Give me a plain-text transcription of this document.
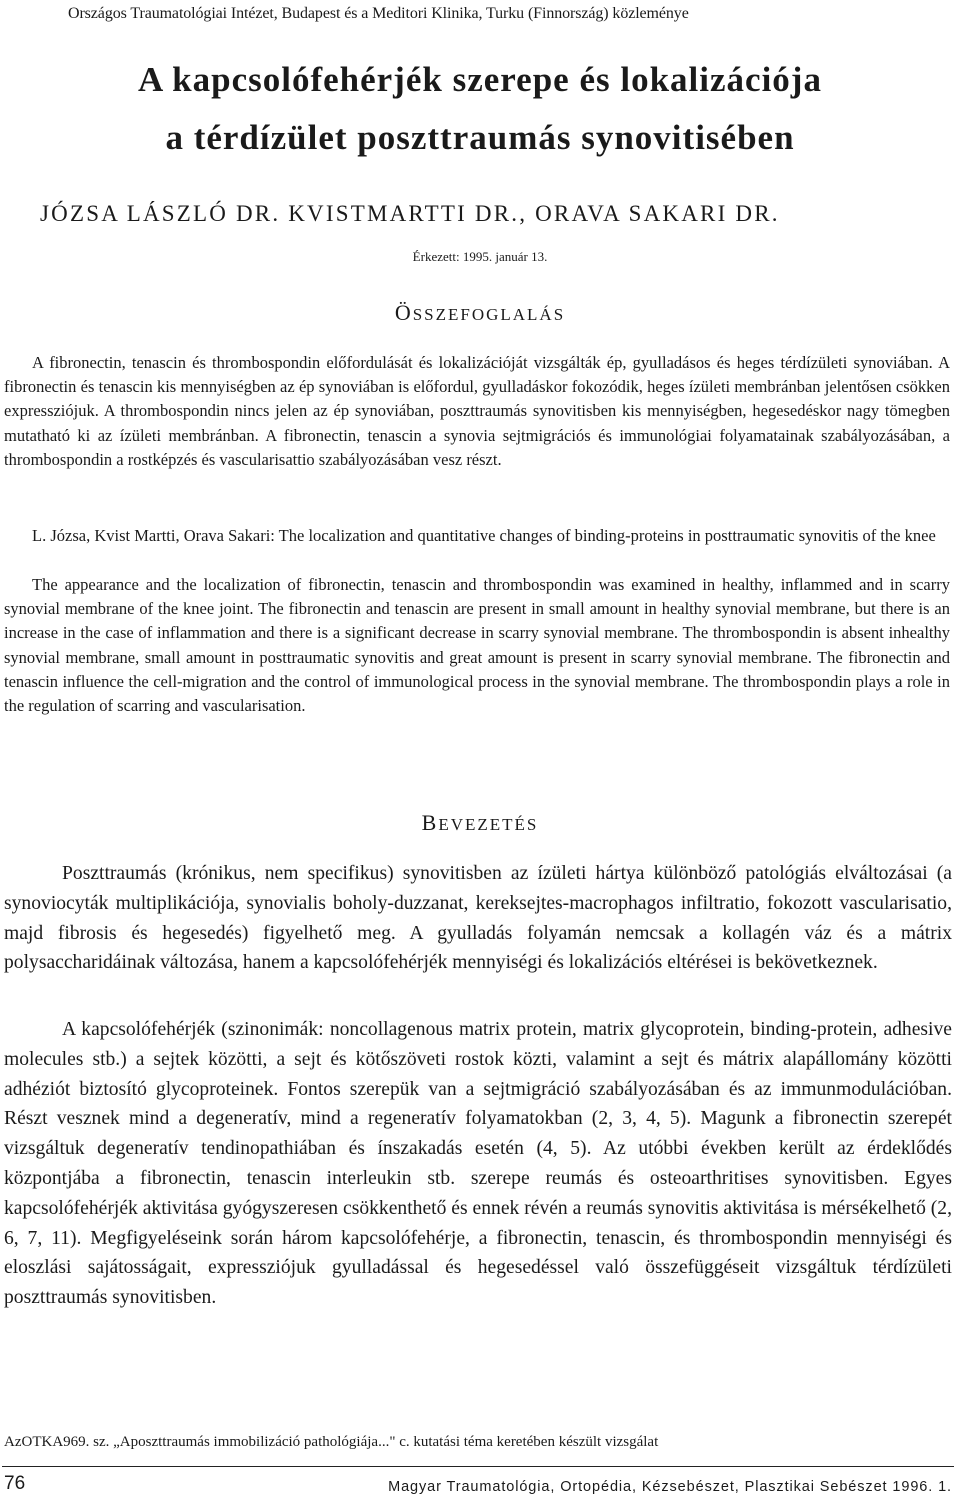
Országos Traumatológiai Intézet, Budapest és a Meditori Klinika, Turku (Finnország) közleménye

A kapcsolófehérjék szerepe és lokalizációja
a térdízület poszttraumás synovitisében

JÓZSA LÁSZLÓ DR. KVISTMARTTI DR., ORAVA SAKARI DR.

Érkezett: 1995. január 13.

ÖSSZEFOGLALÁS

A fibronectin, tenascin és thrombospondin előfordulását és lokalizációját vizsgálták ép, gyulladásos és heges térdízületi synoviában. A fibronectin és tenascin kis mennyiségben az ép synoviában is előfordul, gyulladáskor fokozódik, heges ízületi membránban jelentősen csökken expressziójuk. A thrombospondin nincs jelen az ép synoviában, poszttraumás synovitisben kis mennyiségben, hegesedéskor nagy tömegben mutatható ki az ízületi membránban. A fibronectin, tenascin a synovia sejtmigrációs és immunológiai folyamatainak szabályozásában, a thrombospondin a rostképzés és vascularisattio szabályozásában vesz részt.

L. Józsa, Kvist Martti, Orava Sakari: The localization and quantitative changes of binding-proteins in posttraumatic synovitis of the knee

The appearance and the localization of fibronectin, tenascin and thrombospondin was examined in healthy, inflammed and in scarry synovial membrane of the knee joint. The fibronectin and tenascin are present in small amount in healthy synovial membrane, but there is an increase in the case of inflammation and there is a significant decrease in scarry synovial membrane. The thrombospondin is absent inhealthy synovial membrane, small amount in posttraumatic synovitis and great amount is present in scarry synovial membrane. The fibronectin and tenascin influence the cell-migration and the control of immunological process in the synovial membrane. The thrombospondin plays a role in the regulation of scarring and vascularisation.

BEVEZETÉS

Poszttraumás (krónikus, nem specifikus) synovitisben az ízületi hártya különböző patológiás elváltozásai (a synoviocyták multiplikációja, synovialis boholy-duzzanat, kereksejtes-macrophagos infiltratio, fokozott vascularisatio, majd fibrosis és hegesedés) figyelhető meg. A gyulladás folyamán nemcsak a kollagén váz és a mátrix polysaccharidáinak változása, hanem a kapcsolófehérjék mennyiségi és lokalizációs eltérései is bekövetkeznek.

A kapcsolófehérjék (szinonimák: noncollagenous matrix protein, matrix glycoprotein, binding-protein, adhesive molecules stb.) a sejtek közötti, a sejt és kötőszöveti rostok közti, valamint a sejt és mátrix alapállomány közötti adhéziót biztosító glycoproteinek. Fontos szerepük van a sejtmigráció szabályozásában és az immunmodulációban. Részt vesznek mind a degeneratív, mind a regeneratív folyamatokban (2, 3, 4, 5). Magunk a fibronectin szerepét vizsgáltuk degeneratív tendinopathiában és ínszakadás esetén (4, 5). Az utóbbi években került az érdeklődés központjába a fibronectin, tenascin interleukin stb. szerepe reumás és osteoarthritises synovitisben. Egyes kapcsolófehérjék aktivitása gyógyszeresen csökkenthető és ennek révén a reumás synovitis aktivitása is mérsékelhető (2, 6, 7, 11). Megfigyeléseink során három kapcsolófehérje, a fibronectin, tenascin, és thrombospondin mennyiségi és eloszlási sajátosságait, expressziójuk gyulladással és hegesedéssel való összefüggéseit vizsgáltuk térdízületi poszttraumás synovitisben.

AzOTKA969. sz. „Aposzttraumás immobilizáció pathológiája..." c. kutatási téma keretében készült vizsgálat

76	Magyar Traumatológia, Ortopédia, Kézsebészet, Plasztikai Sebészet 1996. 1.
